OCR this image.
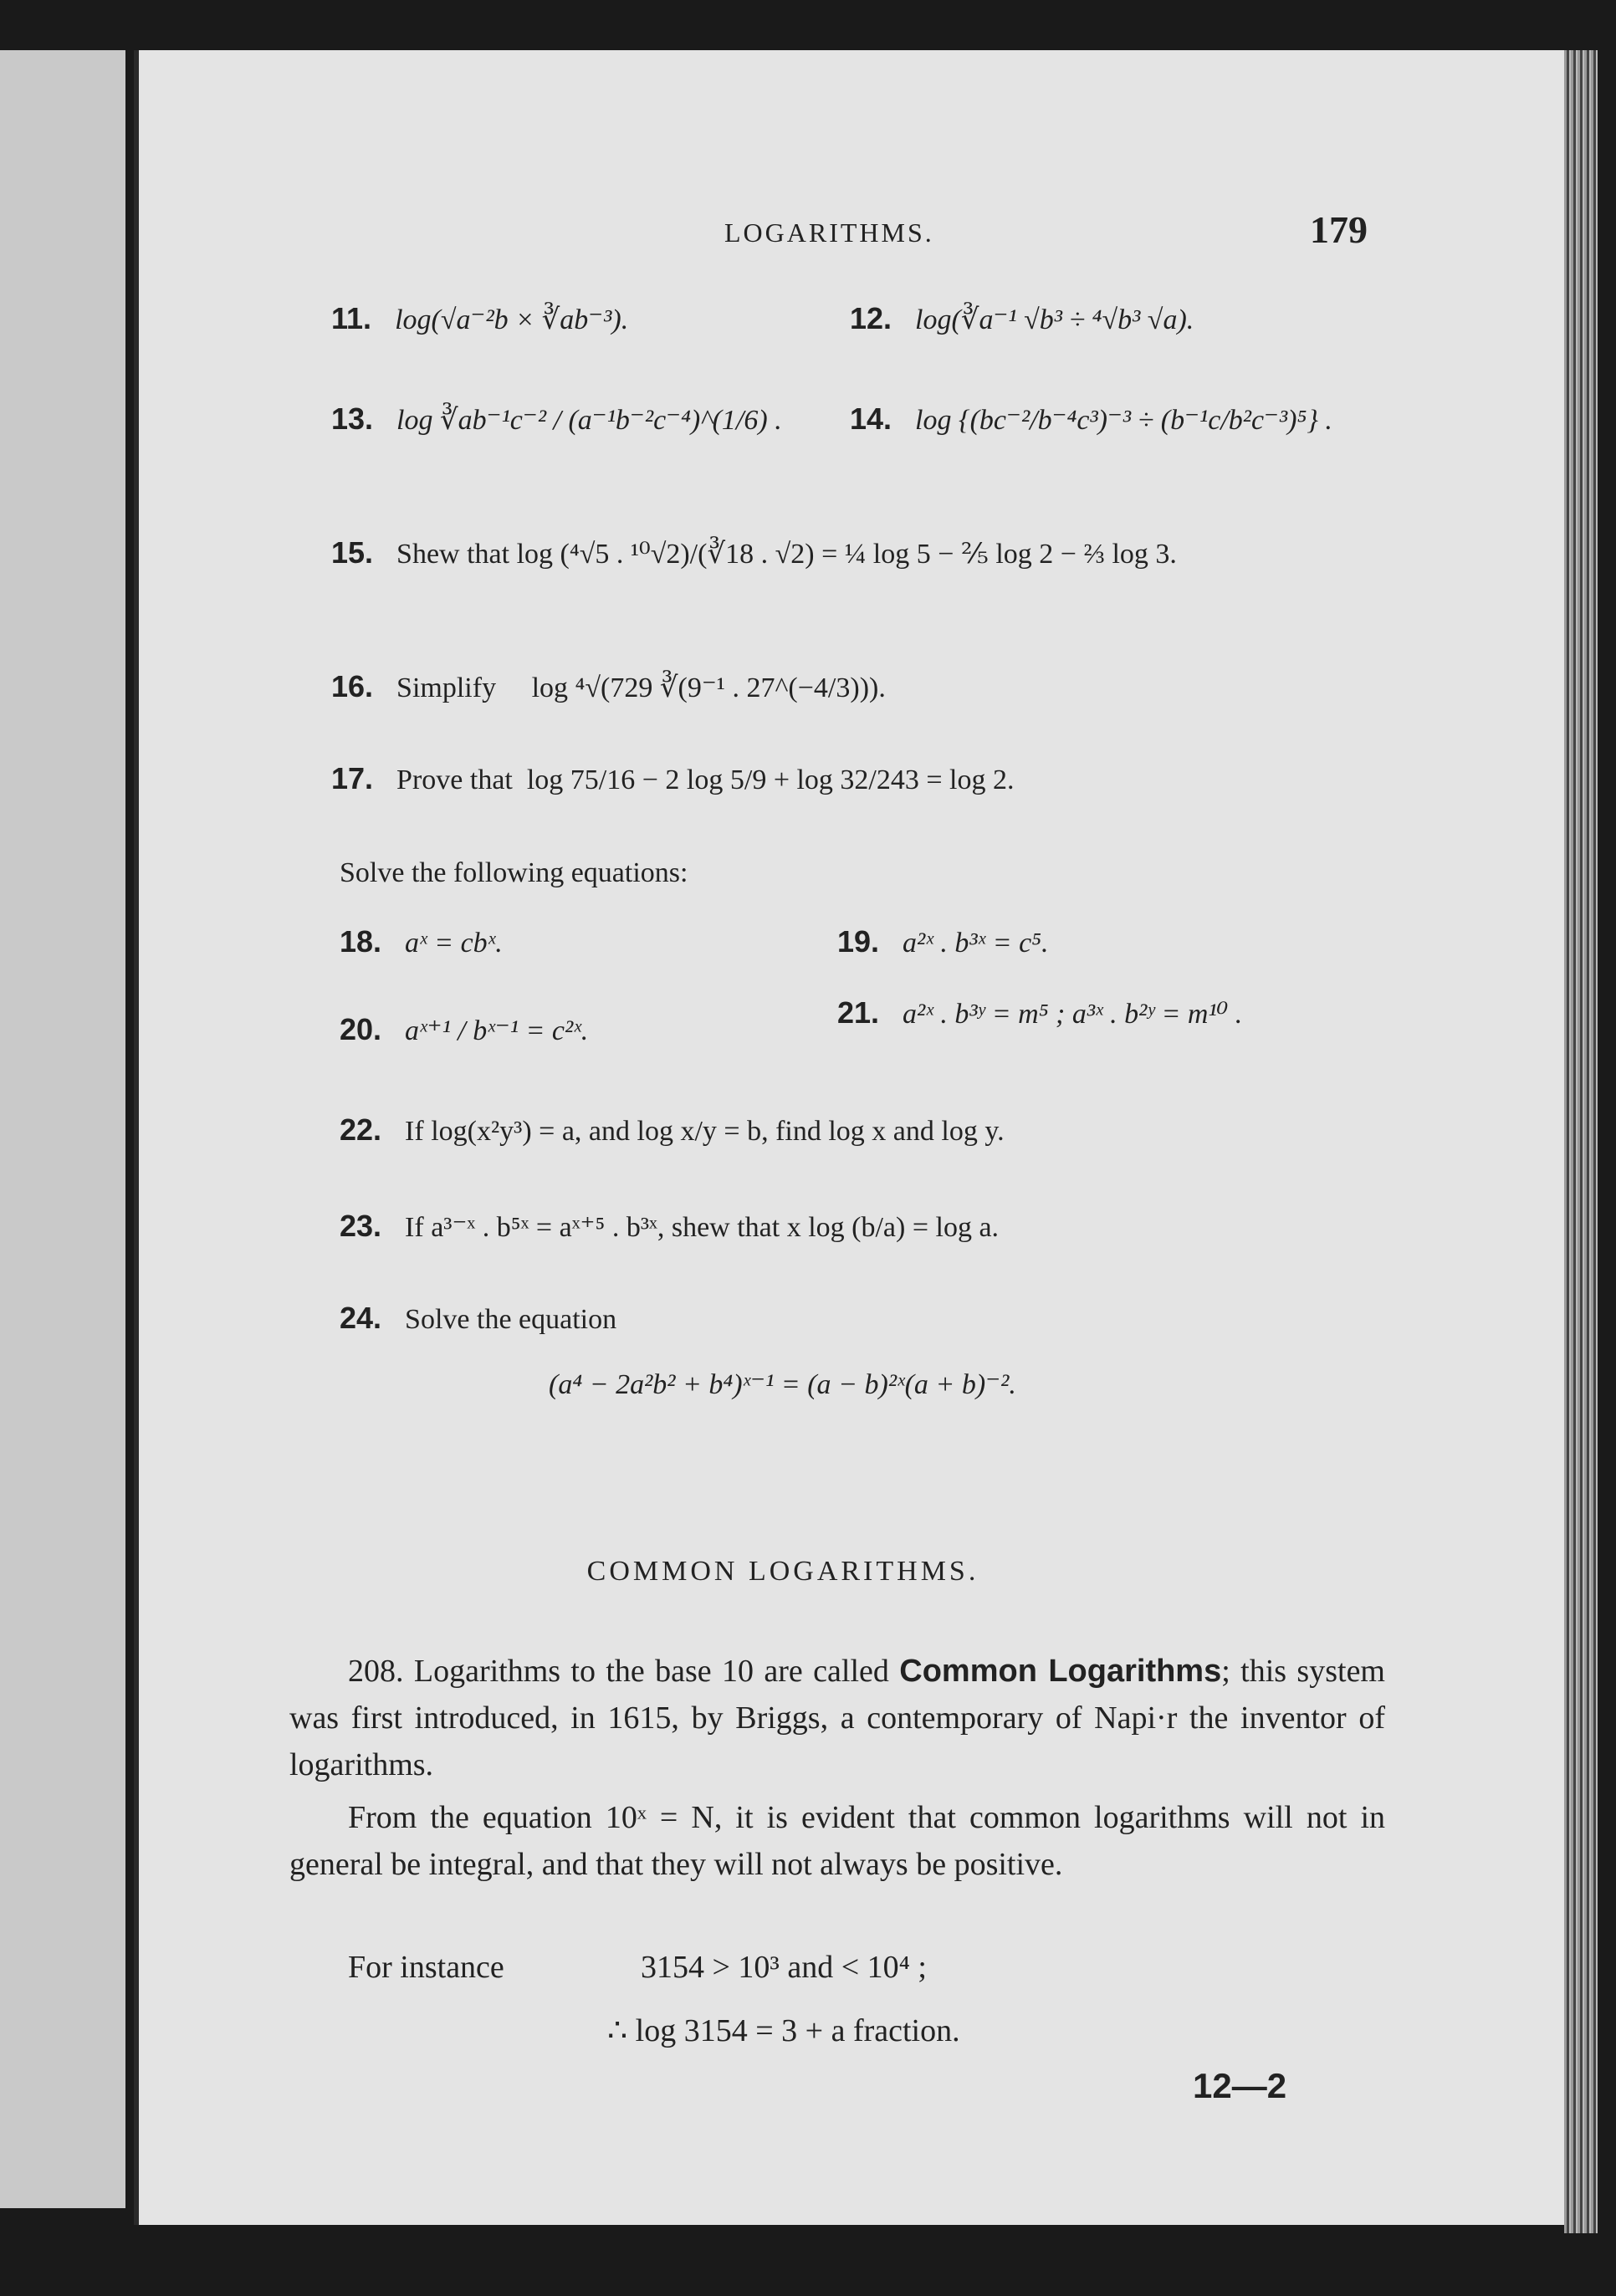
LOGARITHMS.	179
11. log(√a⁻²b × ∛ab⁻³).	12. log(∛a⁻¹ √b³ ÷ ⁴√b³ √a).
13. log ∛ab⁻¹c⁻² / (a⁻¹b⁻²c⁻⁴)^(1/6) . 14. log {(bc⁻²/b⁻⁴c³)⁻³ ÷ (b⁻¹c/b²c⁻³)⁵} .
15. Shew that log (⁴√5 . ¹⁰√2)/(∛18 . √2) = ¼ log 5 − ⅖ log 2 − ⅔ log 3.
16. Simplify     log ⁴√(729 ∛(9⁻¹ . 27^(−4/3))).
17. Prove that  log 75/16 − 2 log 5/9 + log 32/243 = log 2.
Solve the following equations:
18. aˣ = cbˣ.	19. a²ˣ . b³ˣ = c⁵.
20. aˣ⁺¹ / bˣ⁻¹ = c²ˣ.
21. a²ˣ . b³ʸ = m⁵ ; a³ˣ . b²ʸ = m¹⁰ .
22. If log(x²y³) = a, and log x/y = b, find log x and log y.
23. If a³⁻ˣ . b⁵ˣ = aˣ⁺⁵ . b³ˣ, shew that x log (b/a) = log a.
24. Solve the equation
(a⁴ − 2a²b² + b⁴)ˣ⁻¹ = (a − b)²ˣ(a + b)⁻².
COMMON LOGARITHMS.
208. Logarithms to the base 10 are called Common Logarithms; this system was first introduced, in 1615, by Briggs, a contemporary of Napi·r the inventor of logarithms.
From the equation 10ˣ = N, it is evident that common logarithms will not in general be integral, and that they will not always be positive.
For instance	3154 > 10³ and < 10⁴ ;
∴ log 3154 = 3 + a fraction.
12—2
